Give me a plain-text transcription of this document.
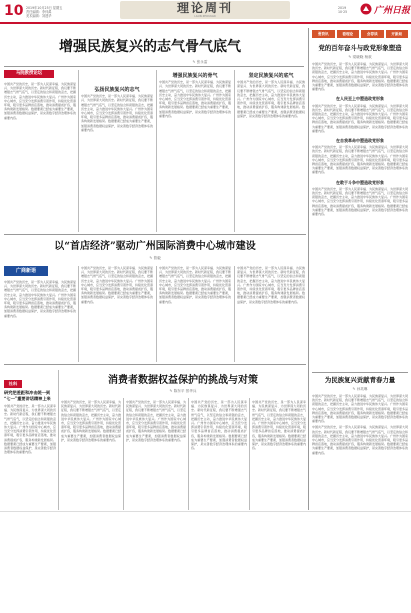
10 2019年10月25日 星期五
责任编辑：李仲禹
美术编辑：刘建华
理论周刊
LILUN ZHOUKAN
2019
10·25	广州日报
增强民族复兴的志气骨气底气
✎ 张永雷
马院教授论坛
中国共产党的历史，是一部为人民谋幸福、为民族谋复兴、为世界谋大同的历史。新时代新征程，我们要不断增强志气骨气底气，以坚定的信念和顽强的意志，把握历史主动，奋力推进中华民族伟大复兴。广州作为国家中心城市，应当充分发挥消费引领作用，持续优化营商环境，吸引更多品牌首店落地，推动消费提质扩容，服务构建新发展格局。数据要素已经成为重要生产要素，加强消费者数据权益保护，是完善数字经济治理体系的重要内容。
弘扬民族复兴的志气
中国共产党的历史，是一部为人民谋幸福、为民族谋复兴、为世界谋大同的历史。新时代新征程，我们要不断增强志气骨气底气，以坚定的信念和顽强的意志，把握历史主动，奋力推进中华民族伟大复兴。广州作为国家中心城市，应当充分发挥消费引领作用，持续优化营商环境，吸引更多品牌首店落地，推动消费提质扩容，服务构建新发展格局。数据要素已经成为重要生产要素，加强消费者数据权益保护，是完善数字经济治理体系的重要内容。
增强民族复兴的骨气
中国共产党的历史，是一部为人民谋幸福、为民族谋复兴、为世界谋大同的历史。新时代新征程，我们要不断增强志气骨气底气，以坚定的信念和顽强的意志，把握历史主动，奋力推进中华民族伟大复兴。广州作为国家中心城市，应当充分发挥消费引领作用，持续优化营商环境，吸引更多品牌首店落地，推动消费提质扩容，服务构建新发展格局。数据要素已经成为重要生产要素，加强消费者数据权益保护，是完善数字经济治理体系的重要内容。
坚定民族复兴的底气
中国共产党的历史，是一部为人民谋幸福、为民族谋复兴、为世界谋大同的历史。新时代新征程，我们要不断增强志气骨气底气，以坚定的信念和顽强的意志，把握历史主动，奋力推进中华民族伟大复兴。广州作为国家中心城市，应当充分发挥消费引领作用，持续优化营商环境，吸引更多品牌首店落地，推动消费提质扩容，服务构建新发展格局。数据要素已经成为重要生产要素，加强消费者数据权益保护，是完善数字经济治理体系的重要内容。
要资讯	看理论	会荐读	开新局
党的百年奋斗与政党形象塑造
✎ 梁晓晓 杨欢
中国共产党的历史，是一部为人民谋幸福、为民族谋复兴、为世界谋大同的历史。新时代新征程，我们要不断增强志气骨气底气，以坚定的信念和顽强的意志，把握历史主动，奋力推进中华民族伟大复兴。广州作为国家中心城市，应当充分发挥消费引领作用，持续优化营商环境，吸引更多品牌首店落地，推动消费提质扩容，服务构建新发展格局。数据要素已经成为重要生产要素，加强消费者数据权益保护，是完善数字经济治理体系的重要内容。
在人民至上中塑造政党形象
中国共产党的历史，是一部为人民谋幸福、为民族谋复兴、为世界谋大同的历史。新时代新征程，我们要不断增强志气骨气底气，以坚定的信念和顽强的意志，把握历史主动，奋力推进中华民族伟大复兴。广州作为国家中心城市，应当充分发挥消费引领作用，持续优化营商环境，吸引更多品牌首店落地，推动消费提质扩容，服务构建新发展格局。数据要素已经成为重要生产要素，加强消费者数据权益保护，是完善数字经济治理体系的重要内容。
在自我革命中塑造政党形象
中国共产党的历史，是一部为人民谋幸福、为民族谋复兴、为世界谋大同的历史。新时代新征程，我们要不断增强志气骨气底气，以坚定的信念和顽强的意志，把握历史主动，奋力推进中华民族伟大复兴。广州作为国家中心城市，应当充分发挥消费引领作用，持续优化营商环境，吸引更多品牌首店落地，推动消费提质扩容，服务构建新发展格局。数据要素已经成为重要生产要素，加强消费者数据权益保护，是完善数字经济治理体系的重要内容。
在敢于斗争中塑造政党形象
中国共产党的历史，是一部为人民谋幸福、为民族谋复兴、为世界谋大同的历史。新时代新征程，我们要不断增强志气骨气底气，以坚定的信念和顽强的意志，把握历史主动，奋力推进中华民族伟大复兴。广州作为国家中心城市，应当充分发挥消费引领作用，持续优化营商环境，吸引更多品牌首店落地，推动消费提质扩容，服务构建新发展格局。数据要素已经成为重要生产要素，加强消费者数据权益保护，是完善数字经济治理体系的重要内容。
以“首店经济”驱动广州国际消费中心城市建设
✎ 曾毅
广商新语
中国共产党的历史，是一部为人民谋幸福、为民族谋复兴、为世界谋大同的历史。新时代新征程，我们要不断增强志气骨气底气，以坚定的信念和顽强的意志，把握历史主动，奋力推进中华民族伟大复兴。广州作为国家中心城市，应当充分发挥消费引领作用，持续优化营商环境，吸引更多品牌首店落地，推动消费提质扩容，服务构建新发展格局。数据要素已经成为重要生产要素，加强消费者数据权益保护，是完善数字经济治理体系的重要内容。
中国共产党的历史，是一部为人民谋幸福、为民族谋复兴、为世界谋大同的历史。新时代新征程，我们要不断增强志气骨气底气，以坚定的信念和顽强的意志，把握历史主动，奋力推进中华民族伟大复兴。广州作为国家中心城市，应当充分发挥消费引领作用，持续优化营商环境，吸引更多品牌首店落地，推动消费提质扩容，服务构建新发展格局。数据要素已经成为重要生产要素，加强消费者数据权益保护，是完善数字经济治理体系的重要内容。
中国共产党的历史，是一部为人民谋幸福、为民族谋复兴、为世界谋大同的历史。新时代新征程，我们要不断增强志气骨气底气，以坚定的信念和顽强的意志，把握历史主动，奋力推进中华民族伟大复兴。广州作为国家中心城市，应当充分发挥消费引领作用，持续优化营商环境，吸引更多品牌首店落地，推动消费提质扩容，服务构建新发展格局。数据要素已经成为重要生产要素，加强消费者数据权益保护，是完善数字经济治理体系的重要内容。
中国共产党的历史，是一部为人民谋幸福、为民族谋复兴、为世界谋大同的历史。新时代新征程，我们要不断增强志气骨气底气，以坚定的信念和顽强的意志，把握历史主动，奋力推进中华民族伟大复兴。广州作为国家中心城市，应当充分发挥消费引领作用，持续优化营商环境，吸引更多品牌首店落地，推动消费提质扩容，服务构建新发展格局。数据要素已经成为重要生产要素，加强消费者数据权益保护，是完善数字经济治理体系的重要内容。
为民族复兴贡献青春力量
✎ 孙英琳
中国共产党的历史，是一部为人民谋幸福、为民族谋复兴、为世界谋大同的历史。新时代新征程，我们要不断增强志气骨气底气，以坚定的信念和顽强的意志，把握历史主动，奋力推进中华民族伟大复兴。广州作为国家中心城市，应当充分发挥消费引领作用，持续优化营商环境，吸引更多品牌首店落地，推动消费提质扩容，服务构建新发展格局。数据要素已经成为重要生产要素，加强消费者数据权益保护，是完善数字经济治理体系的重要内容。
中国共产党的历史，是一部为人民谋幸福、为民族谋复兴、为世界谋大同的历史。新时代新征程，我们要不断增强志气骨气底气，以坚定的信念和顽强的意志，把握历史主动，奋力推进中华民族伟大复兴。广州作为国家中心城市，应当充分发挥消费引领作用，持续优化营商环境，吸引更多品牌首店落地，推动消费提质扩容，服务构建新发展格局。数据要素已经成为重要生产要素，加强消费者数据权益保护，是完善数字经济治理体系的重要内容。
消费者数据权益保护的挑战与对策
✎ 陈东平 蔡华兵
社科
研究把差距和冲击统一到
“七一”重要讲话精神上来
中国共产党的历史，是一部为人民谋幸福、为民族谋复兴、为世界谋大同的历史。新时代新征程，我们要不断增强志气骨气底气，以坚定的信念和顽强的意志，把握历史主动，奋力推进中华民族伟大复兴。广州作为国家中心城市，应当充分发挥消费引领作用，持续优化营商环境，吸引更多品牌首店落地，推动消费提质扩容，服务构建新发展格局。数据要素已经成为重要生产要素，加强消费者数据权益保护，是完善数字经济治理体系的重要内容。
中国共产党的历史，是一部为人民谋幸福、为民族谋复兴、为世界谋大同的历史。新时代新征程，我们要不断增强志气骨气底气，以坚定的信念和顽强的意志，把握历史主动，奋力推进中华民族伟大复兴。广州作为国家中心城市，应当充分发挥消费引领作用，持续优化营商环境，吸引更多品牌首店落地，推动消费提质扩容，服务构建新发展格局。数据要素已经成为重要生产要素，加强消费者数据权益保护，是完善数字经济治理体系的重要内容。
中国共产党的历史，是一部为人民谋幸福、为民族谋复兴、为世界谋大同的历史。新时代新征程，我们要不断增强志气骨气底气，以坚定的信念和顽强的意志，把握历史主动，奋力推进中华民族伟大复兴。广州作为国家中心城市，应当充分发挥消费引领作用，持续优化营商环境，吸引更多品牌首店落地，推动消费提质扩容，服务构建新发展格局。数据要素已经成为重要生产要素，加强消费者数据权益保护，是完善数字经济治理体系的重要内容。
中国共产党的历史，是一部为人民谋幸福、为民族谋复兴、为世界谋大同的历史。新时代新征程，我们要不断增强志气骨气底气，以坚定的信念和顽强的意志，把握历史主动，奋力推进中华民族伟大复兴。广州作为国家中心城市，应当充分发挥消费引领作用，持续优化营商环境，吸引更多品牌首店落地，推动消费提质扩容，服务构建新发展格局。数据要素已经成为重要生产要素，加强消费者数据权益保护，是完善数字经济治理体系的重要内容。
中国共产党的历史，是一部为人民谋幸福、为民族谋复兴、为世界谋大同的历史。新时代新征程，我们要不断增强志气骨气底气，以坚定的信念和顽强的意志，把握历史主动，奋力推进中华民族伟大复兴。广州作为国家中心城市，应当充分发挥消费引领作用，持续优化营商环境，吸引更多品牌首店落地，推动消费提质扩容，服务构建新发展格局。数据要素已经成为重要生产要素，加强消费者数据权益保护，是完善数字经济治理体系的重要内容。
